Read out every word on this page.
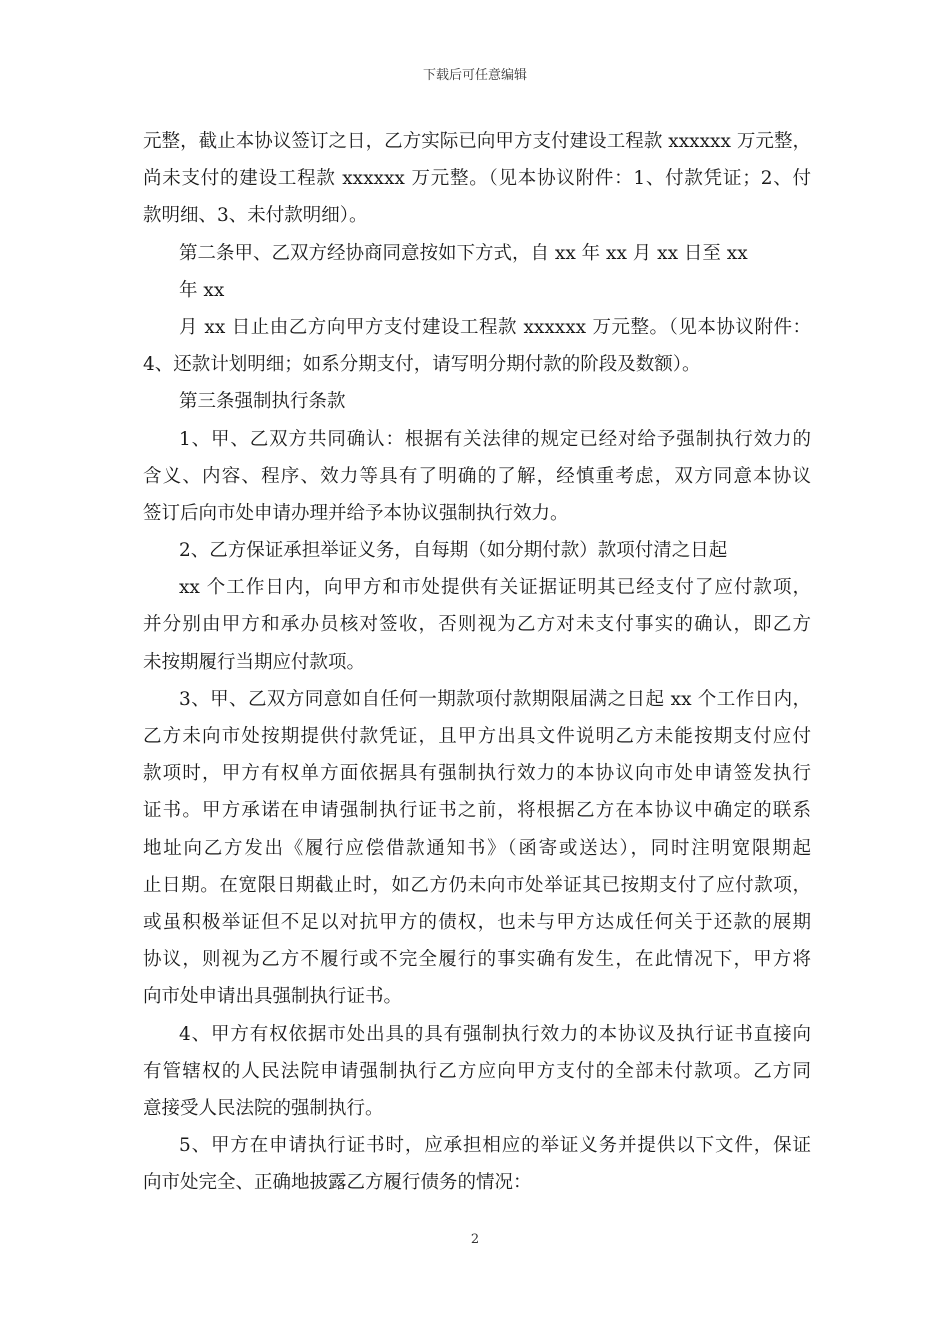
下载后可任意编辑
元整，截止本协议签订之日，乙方实际已向甲方支付建设工程款 xxxxxx 万元整，
尚未支付的建设工程款 xxxxxx 万元整。（见本协议附件：1、付款凭证；2、付
款明细、3、未付款明细）。
第二条甲、乙双方经协商同意按如下方式，自 xx 年 xx 月 xx 日至 xx
年 xx
月 xx 日止由乙方向甲方支付建设工程款 xxxxxx 万元整。（见本协议附件：
4、还款计划明细；如系分期支付，请写明分期付款的阶段及数额）。
第三条强制执行条款
1、甲、乙双方共同确认：根据有关法律的规定已经对给予强制执行效力的
含义、内容、程序、效力等具有了明确的了解，经慎重考虑，双方同意本协议
签订后向市处申请办理并给予本协议强制执行效力。
2、乙方保证承担举证义务，自每期（如分期付款）款项付清之日起
xx 个工作日内，向甲方和市处提供有关证据证明其已经支付了应付款项，
并分别由甲方和承办员核对签收，否则视为乙方对未支付事实的确认，即乙方
未按期履行当期应付款项。
3、甲、乙双方同意如自任何一期款项付款期限届满之日起 xx 个工作日内，
乙方未向市处按期提供付款凭证，且甲方出具文件说明乙方未能按期支付应付
款项时，甲方有权单方面依据具有强制执行效力的本协议向市处申请签发执行
证书。甲方承诺在申请强制执行证书之前，将根据乙方在本协议中确定的联系
地址向乙方发出《履行应偿借款通知书》（函寄或送达），同时注明宽限期起
止日期。在宽限日期截止时，如乙方仍未向市处举证其已按期支付了应付款项，
或虽积极举证但不足以对抗甲方的债权，也未与甲方达成任何关于还款的展期
协议，则视为乙方不履行或不完全履行的事实确有发生，在此情况下，甲方将
向市处申请出具强制执行证书。
4、甲方有权依据市处出具的具有强制执行效力的本协议及执行证书直接向
有管辖权的人民法院申请强制执行乙方应向甲方支付的全部未付款项。乙方同
意接受人民法院的强制执行。
5、甲方在申请执行证书时，应承担相应的举证义务并提供以下文件，保证
向市处完全、正确地披露乙方履行债务的情况：
2
